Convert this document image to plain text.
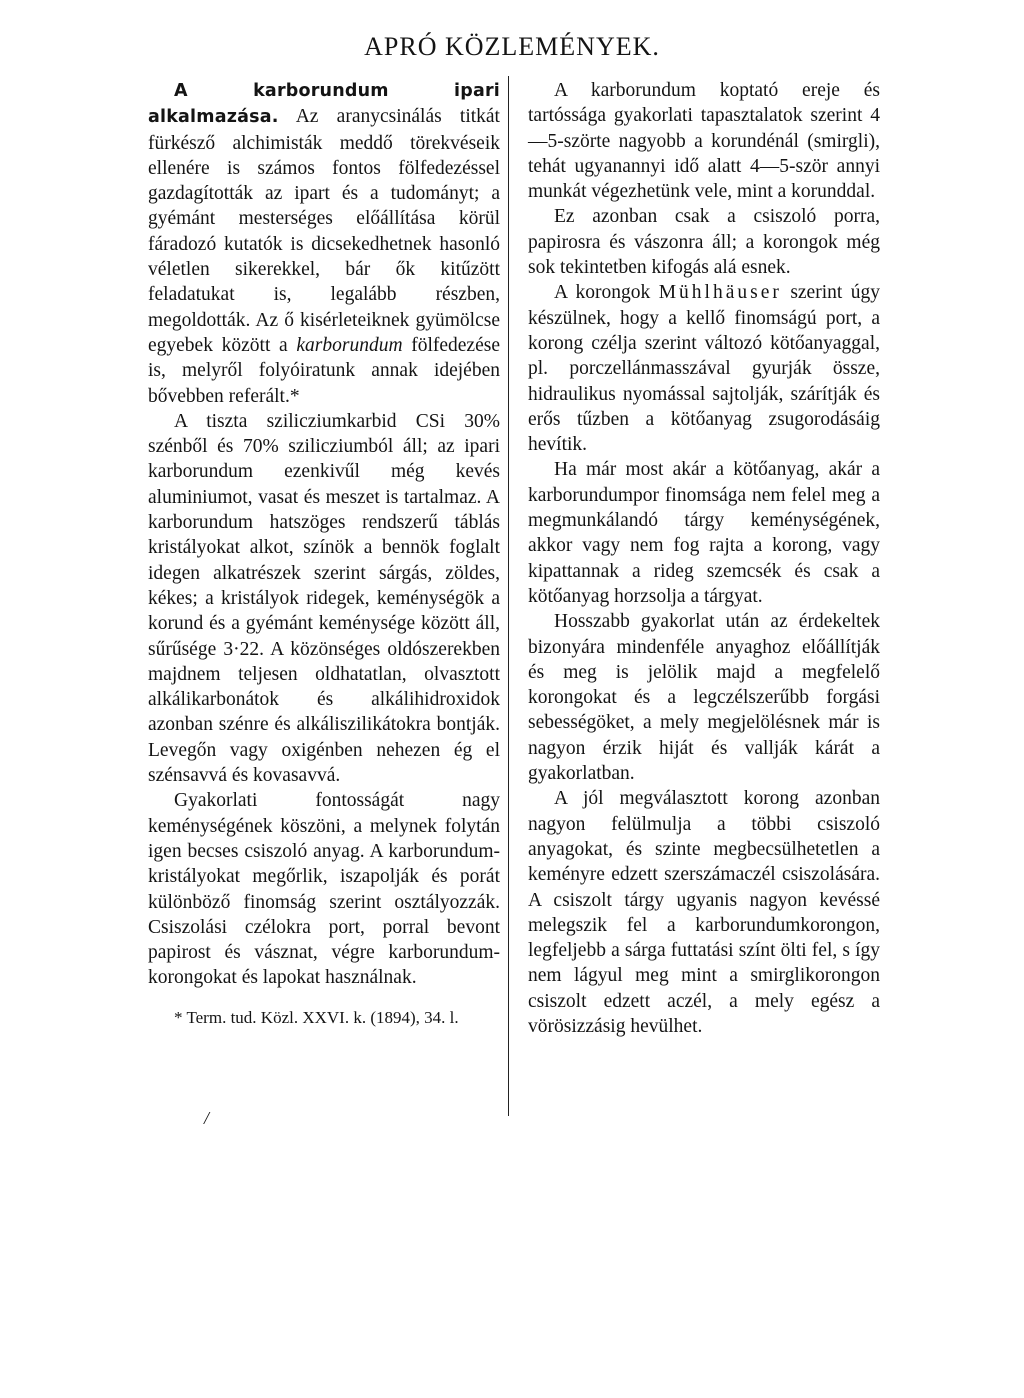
APRÓ KÖZLEMÉNYEK.

A karborundum ipari alkalmazása. Az aranycsinálás titkát fürkésző alchimisták meddő törekvéseik ellenére is számos fontos fölfedezéssel gazdagították az ipart és a tudományt; a gyémánt mesterséges előállítása körül fáradozó kutatók is dicsekedhetnek hasonló véletlen sikerekkel, bár ők kitűzött feladatukat is, legalább részben, megoldották. Az ő kisérleteiknek gyümölcse egyebek között a karborundum fölfedezése is, melyről folyóiratunk annak idejében bővebben referált.*

A tiszta szilicziumkarbid CSi 30% szénből és 70% szilicziumból áll; az ipari karborundum ezenkivűl még kevés aluminiumot, vasat és meszet is tartalmaz. A karborundum hatszöges rendszerű táblás kristályokat alkot, színök a bennök foglalt idegen alkatrészek szerint sárgás, zöldes, kékes; a kristályok ridegek, keménységök a korund és a gyémánt keménysége között áll, sűrűsége 3·22. A közönséges oldószerekben majdnem teljesen oldhatatlan, olvasztott alkálikarbonátok és alkálihidroxidok azonban szénre és alkáliszilikátokra bontják. Levegőn vagy oxigénben nehezen ég el szénsavvá és kovasavvá.

Gyakorlati fontosságát nagy keménységének köszöni, a melynek folytán igen becses csiszoló anyag. A karborundum-kristályokat megőrlik, iszapolják és porát különböző finomság szerint osztályozzák. Csiszolási czélokra port, porral bevont papirost és vásznat, végre karborundum-korongokat és lapokat használnak.

* Term. tud. Közl. XXVI. k. (1894), 34. l.

A karborundum koptató ereje és tartóssága gyakorlati tapasztalatok szerint 4—5-szörte nagyobb a korundénál (smirgli), tehát ugyanannyi idő alatt 4—5-ször annyi munkát végezhetünk vele, mint a korunddal.

Ez azonban csak a csiszoló porra, papirosra és vászonra áll; a korongok még sok tekintetben kifogás alá esnek.

A korongok Mühlhäuser szerint úgy készülnek, hogy a kellő finomságú port, a korong czélja szerint változó kötőanyaggal, pl. porczellánmasszával gyurják össze, hidraulikus nyomással sajtolják, szárítják és erős tűzben a kötőanyag zsugorodásáig hevítik.

Ha már most akár a kötőanyag, akár a karborundumpor finomsága nem felel meg a megmunkálandó tárgy keménységének, akkor vagy nem fog rajta a korong, vagy kipattannak a rideg szemcsék és csak a kötőanyag horzsolja a tárgyat.

Hosszabb gyakorlat után az érdekeltek bizonyára mindenféle anyaghoz előállítják és meg is jelölik majd a megfelelő korongokat és a legczélszerűbb forgási sebességöket, a mely megjelölésnek már is nagyon érzik hiját és vallják kárát a gyakorlatban.

A jól megválasztott korong azonban nagyon felülmulja a többi csiszoló anyagokat, és szinte megbecsülhetetlen a keményre edzett szerszámaczél csiszolására. A csiszolt tárgy ugyanis nagyon kevéssé melegszik fel a karborundumkorongon, legfeljebb a sárga futtatási színt ölti fel, s így nem lágyul meg mint a smirglikorongon csiszolt edzett aczél, a mely egész a vörösizzásig hevülhet.

/
